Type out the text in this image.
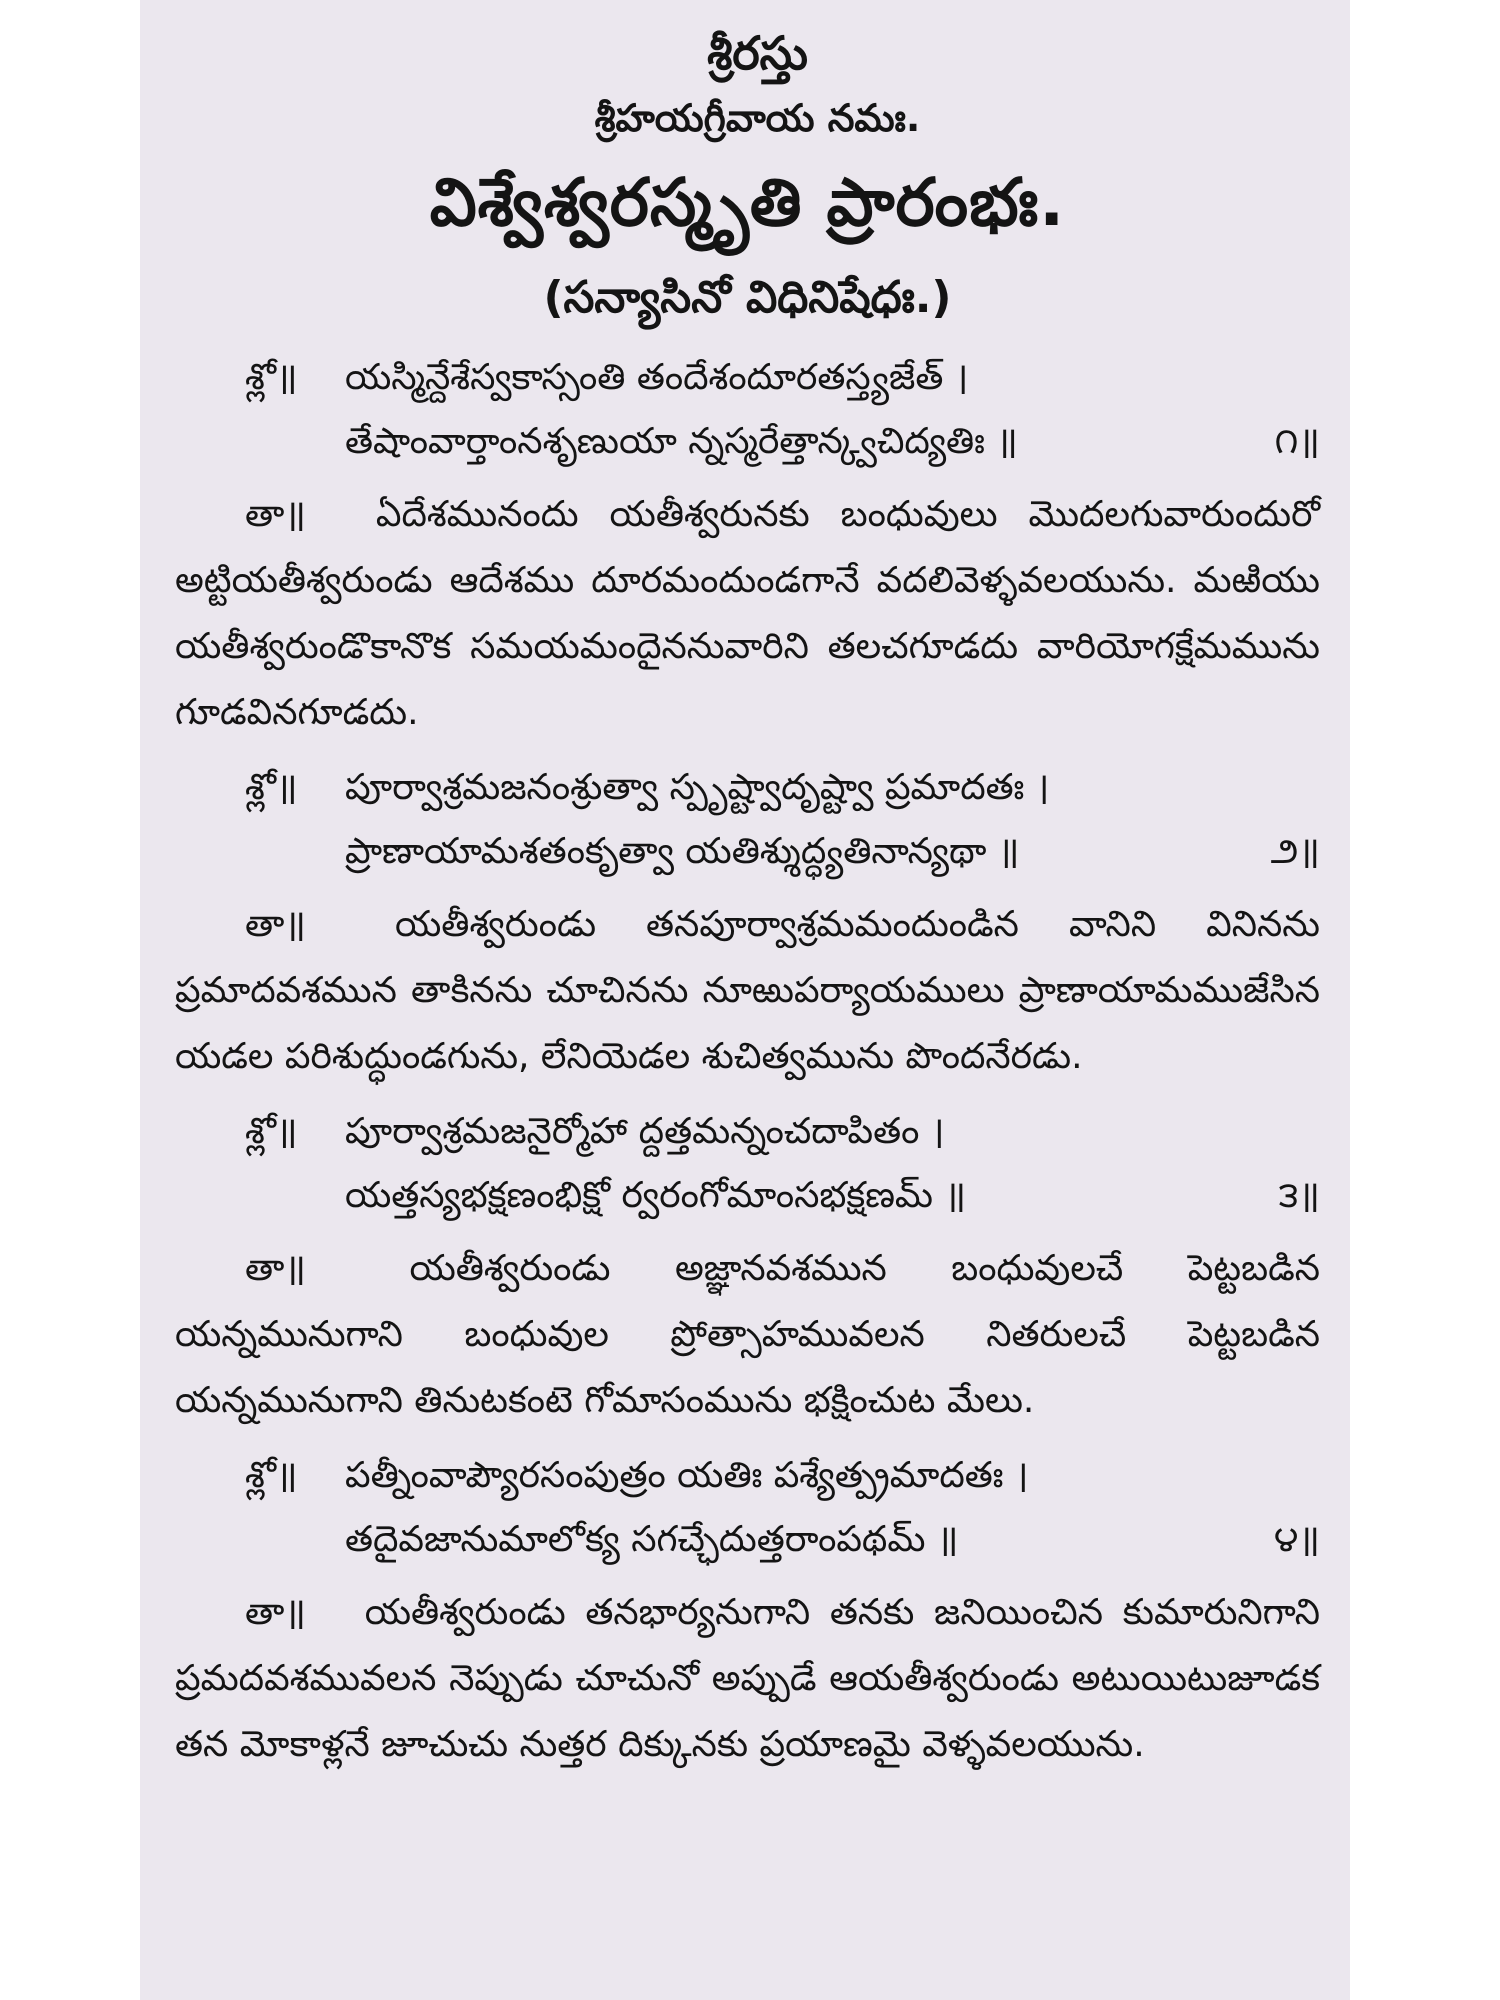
శ్రీరస్తు
శ్రీహయగ్రీవాయ నమః.
విశ్వేశ్వరస్మృతి ప్రారంభః.
(సన్యాసినో విధినిషేధః.)
శ్లో॥ యస్మిన్దేశేస్వకాస్సంతి తందేశందూరతస్త్యజేత్ ।
తేషాంవార్తాంనశృణుయా న్నస్మరేత్తాన్క్వచిద్యతిః ॥	౧॥
తా॥ ఏదేశమునందు యతీశ్వరునకు బంధువులు మొదలగువారుందురో అట్టియతీశ్వరుండు ఆదేశము దూరమందుండగానే వదలివెళ్ళవలయును. మఱియు యతీశ్వరుండొకానొక సమయమందైననువారిని తలచగూడదు వారియోగక్షేమమును గూడవినగూడదు.
శ్లో॥ పూర్వాశ్రమజనంశ్రుత్వా స్పృష్ట్వాదృష్ట్వా ప్రమాదతః ।
ప్రాణాయామశతంకృత్వా యతిశ్శుద్ధ్యతినాన్యథా ॥	౨॥
తా॥ యతీశ్వరుండు తనపూర్వాశ్రమమందుండిన వానిని వినినను ప్రమాదవశమున తాకినను చూచినను నూఱుపర్యాయములు ప్రాణాయామముజేసిన యడల పరిశుద్ధుండగును, లేనియెడల శుచిత్వమును పొందనేరడు.
శ్లో॥ పూర్వాశ్రమజనైర్మోహా ద్దత్తమన్నంచదాపితం ।
యత్తస్యభక్షణంభిక్షో ర్వరంగోమాంసభక్షణమ్ ॥	౩॥
తా॥	యతీశ్వరుండు అజ్ఞానవశమున బంధువులచే పెట్టబడిన యన్నమునుగాని బంధువుల ప్రోత్సాహమువలన నితరులచే పెట్టబడిన యన్నమునుగాని తినుటకంటె గోమాసంమును భక్షించుట మేలు.
శ్లో॥ పత్నీంవాప్యౌరసంపుత్రం యతిః పశ్యేత్ప్రమాదతః ।
తదైవజానుమాలోక్య సగచ్ఛేదుత్తరాంపథమ్ ॥	౪॥
తా॥ యతీశ్వరుండు తనభార్యనుగాని తనకు జనియించిన కుమారునిగాని ప్రమదవశమువలన నెప్పుడు చూచునో అప్పుడే ఆయతీశ్వరుండు అటుయిటుజూడక తన మోకాళ్లనే జూచుచు నుత్తర దిక్కునకు ప్రయాణమై వెళ్ళవలయును.
